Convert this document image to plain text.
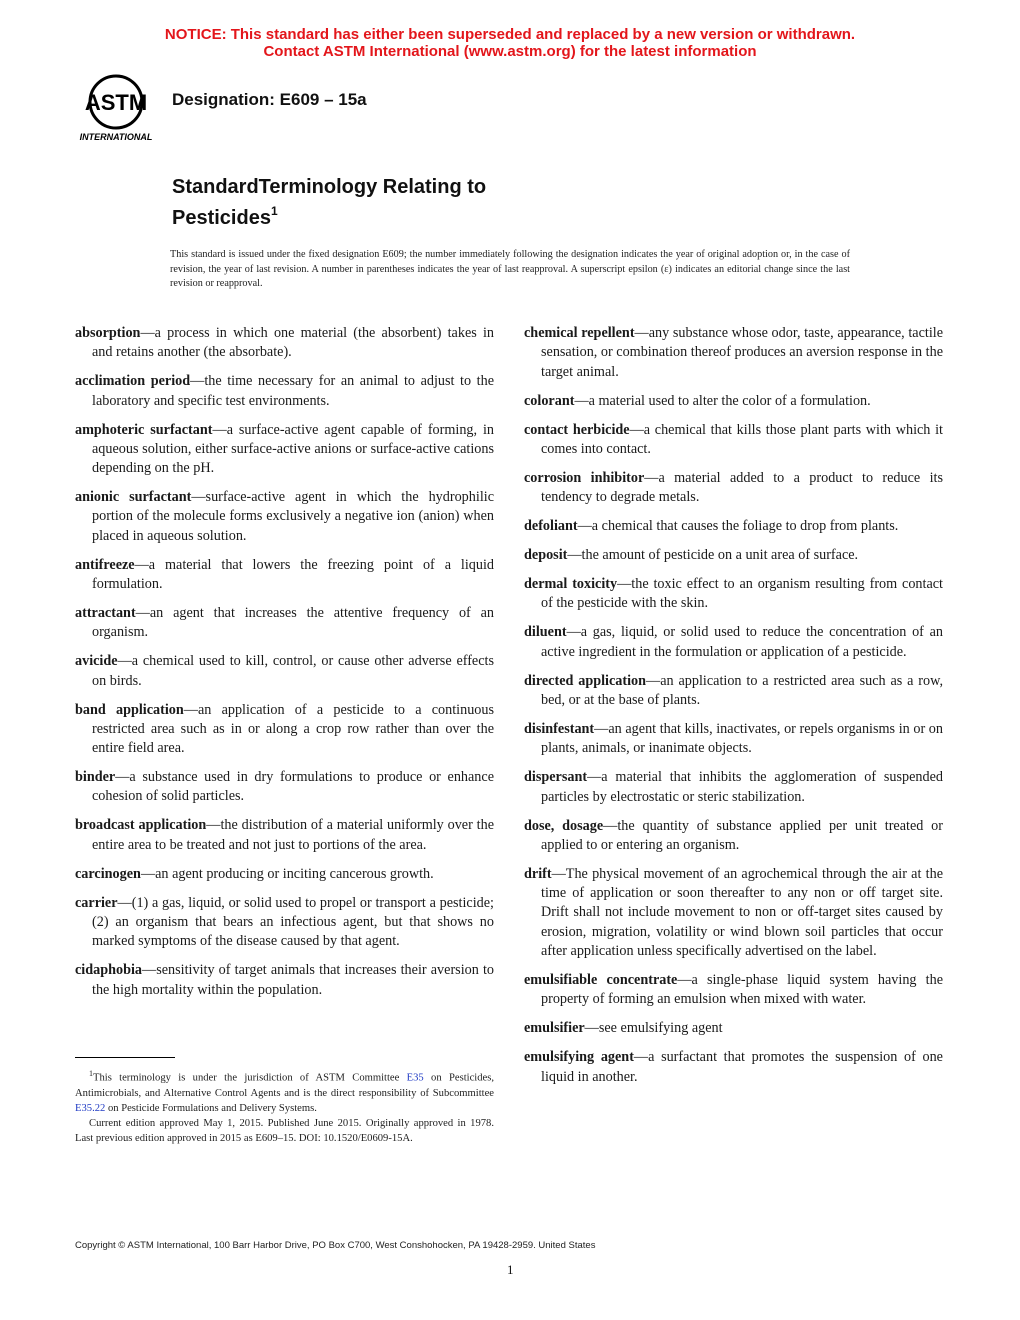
NOTICE: This standard has either been superseded and replaced by a new version or withdrawn.
Contact ASTM International (www.astm.org) for the latest information
ASTM
INTERNATIONAL
Designation: E609 – 15a
StandardTerminology Relating to
Pesticides$^1$
This standard is issued under the fixed designation E609; the number immediately following the designation indicates the year of original adoption or, in the case of revision, the year of last revision. A number in parentheses indicates the year of last reapproval. A superscript epsilon (ε) indicates an editorial change since the last revision or reapproval.
absorption—a process in which one material (the absorbent) takes in and retains another (the absorbate).
acclimation period—the time necessary for an animal to adjust to the laboratory and specific test environments.
amphoteric surfactant—a surface-active agent capable of forming, in aqueous solution, either surface-active anions or surface-active cations depending on the pH.
anionic surfactant—surface-active agent in which the hydrophilic portion of the molecule forms exclusively a negative ion (anion) when placed in aqueous solution.
antifreeze—a material that lowers the freezing point of a liquid formulation.
attractant—an agent that increases the attentive frequency of an organism.
avicide—a chemical used to kill, control, or cause other adverse effects on birds.
band application—an application of a pesticide to a continuous restricted area such as in or along a crop row rather than over the entire field area.
binder—a substance used in dry formulations to produce or enhance cohesion of solid particles.
broadcast application—the distribution of a material uniformly over the entire area to be treated and not just to portions of the area.
carcinogen—an agent producing or inciting cancerous growth.
carrier—(1) a gas, liquid, or solid used to propel or transport a pesticide; (2) an organism that bears an infectious agent, but that shows no marked symptoms of the disease caused by that agent.
cidaphobia—sensitivity of target animals that increases their aversion to the high mortality within the population.
chemical repellent—any substance whose odor, taste, appearance, tactile sensation, or combination thereof produces an aversion response in the target animal.
colorant—a material used to alter the color of a formulation.
contact herbicide—a chemical that kills those plant parts with which it comes into contact.
corrosion inhibitor—a material added to a product to reduce its tendency to degrade metals.
defoliant—a chemical that causes the foliage to drop from plants.
deposit—the amount of pesticide on a unit area of surface.
dermal toxicity—the toxic effect to an organism resulting from contact of the pesticide with the skin.
diluent—a gas, liquid, or solid used to reduce the concentration of an active ingredient in the formulation or application of a pesticide.
directed application—an application to a restricted area such as a row, bed, or at the base of plants.
disinfestant—an agent that kills, inactivates, or repels organisms in or on plants, animals, or inanimate objects.
dispersant—a material that inhibits the agglomeration of suspended particles by electrostatic or steric stabilization.
dose, dosage—the quantity of substance applied per unit treated or applied to or entering an organism.
drift—The physical movement of an agrochemical through the air at the time of application or soon thereafter to any non or off target site. Drift shall not include movement to non or off-target sites caused by erosion, migration, volatility or wind blown soil particles that occur after application unless specifically advertised on the label.
emulsifiable concentrate—a single-phase liquid system having the property of forming an emulsion when mixed with water.
emulsifier—see emulsifying agent
emulsifying agent—a surfactant that promotes the suspension of one liquid in another.

$^1$This terminology is under the jurisdiction of ASTM Committee E35 on Pesticides, Antimicrobials, and Alternative Control Agents and is the direct responsibility of Subcommittee E35.22 on Pesticide Formulations and Delivery Systems.

Current edition approved May 1, 2015. Published June 2015. Originally approved in 1978. Last previous edition approved in 2015 as E609–15. DOI: 10.1520/E0609-15A.

Copyright © ASTM International, 100 Barr Harbor Drive, PO Box C700, West Conshohocken, PA 19428-2959. United States
1
